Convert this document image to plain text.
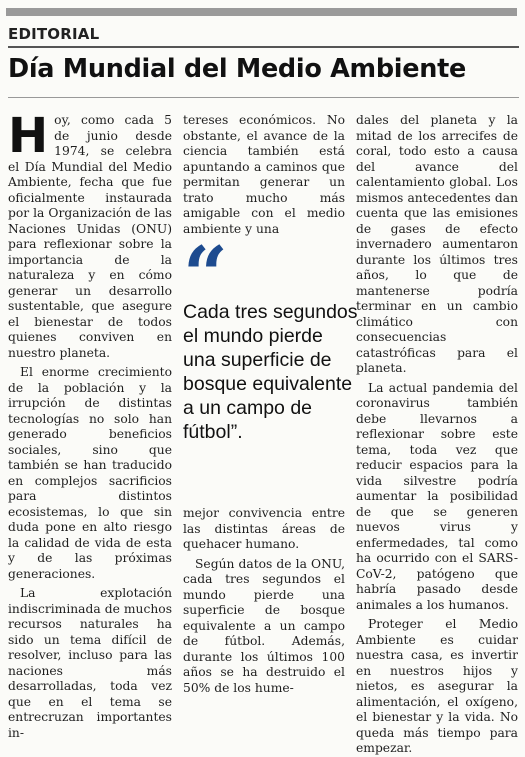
EDITORIAL
Día Mundial del Medio Ambiente

Hoy, como cada 5 de junio desde 1974, se celebra el Día Mundial del Medio Ambiente, fecha que fue oficialmente instaurada por la Organización de las Naciones Unidas (ONU) para reflexionar sobre la importancia de la naturaleza y en cómo generar un desarrollo sustentable, que asegure el bienestar de todos quienes conviven en nuestro planeta.

El enorme crecimiento de la población y la irrupción de distintas tecnologías no solo han generado beneficios sociales, sino que también se han traducido en complejos sacrificios para distintos ecosistemas, lo que sin duda pone en alto riesgo la calidad de vida de esta y de las próximas generaciones.

La explotación indiscriminada de muchos recursos naturales ha sido un tema difícil de resolver, incluso para las naciones más desarrolladas, toda vez que en el tema se entrecruzan importantes in-

tereses económicos. No obstante, el avance de la ciencia también está apuntando a caminos que permitan generar un trato mucho más amigable con el medio ambiente y una

“
Cada tres segundos el mundo pierde una superficie de bosque equivalente a un campo de fútbol”.

mejor convivencia entre las distintas áreas de quehacer humano.

Según datos de la ONU, cada tres segundos el mundo pierde una superficie de bosque equivalente a un campo de fútbol. Además, durante los últimos 100 años se ha destruido el 50% de los hume-

dales del planeta y la mitad de los arrecifes de coral, todo esto a causa del avance del calentamiento global. Los mismos antecedentes dan cuenta que las emisiones de gases de efecto invernadero aumentaron durante los últimos tres años, lo que de mantenerse podría terminar en un cambio climático con consecuencias catastróficas para el planeta.

La actual pandemia del coronavirus también debe llevarnos a reflexionar sobre este tema, toda vez que reducir espacios para la vida silvestre podría aumentar la posibilidad de que se generen nuevos virus y enfermedades, tal como ha ocurrido con el SARS-CoV-2, patógeno que habría pasado desde animales a los humanos.

Proteger el Medio Ambiente es cuidar nuestra casa, es invertir en nuestros hijos y nietos, es asegurar la alimentación, el oxígeno, el bienestar y la vida. No queda más tiempo para empezar.
